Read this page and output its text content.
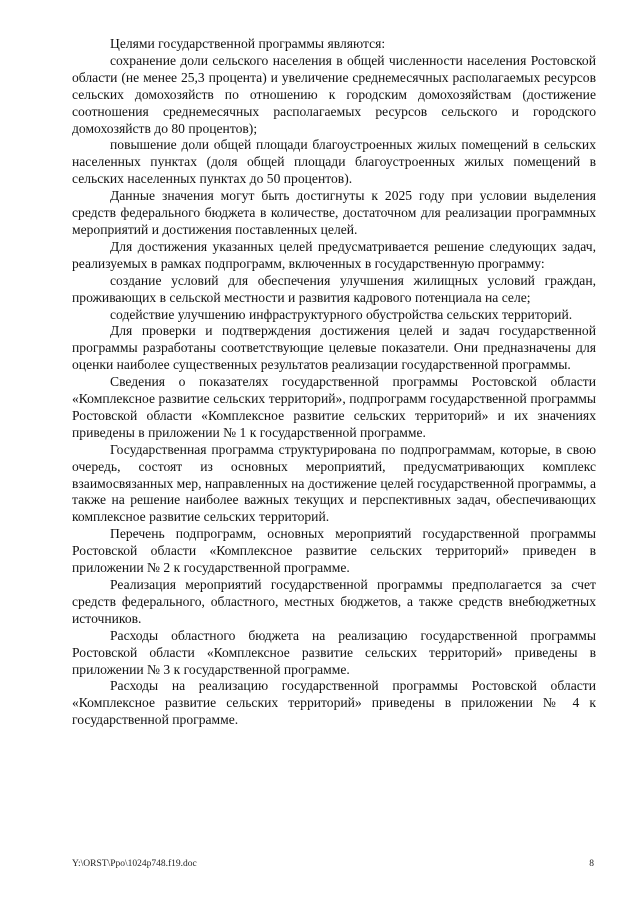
Целями государственной программы являются:

сохранение доли сельского населения в общей численности населения Ростовской области (не менее 25,3 процента) и увеличение среднемесячных располагаемых ресурсов сельских домохозяйств по отношению к городским домохозяйствам (достижение соотношения среднемесячных располагаемых ресурсов сельского и городского домохозяйств до 80 процентов);

повышение доли общей площади благоустроенных жилых помещений в сельских населенных пунктах (доля общей площади благоустроенных жилых помещений в сельских населенных пунктах до 50 процентов).

Данные значения могут быть достигнуты к 2025 году при условии выделения средств федерального бюджета в количестве, достаточном для реализации программных мероприятий и достижения поставленных целей.

Для достижения указанных целей предусматривается решение следующих задач, реализуемых в рамках подпрограмм, включенных в государственную программу:

создание условий для обеспечения улучшения жилищных условий граждан, проживающих в сельской местности и развития кадрового потенциала на селе;

содействие улучшению инфраструктурного обустройства сельских территорий.

Для проверки и подтверждения достижения целей и задач государственной программы разработаны соответствующие целевые показатели. Они предназначены для оценки наиболее существенных результатов реализации государственной программы.

Сведения о показателях государственной программы Ростовской области «Комплексное развитие сельских территорий», подпрограмм государственной программы Ростовской области «Комплексное развитие сельских территорий» и их значениях приведены в приложении № 1 к государственной программе.

Государственная программа структурирована по подпрограммам, которые, в свою очередь, состоят из основных мероприятий, предусматривающих комплекс взаимосвязанных мер, направленных на достижение целей государственной программы, а также на решение наиболее важных текущих и перспективных задач, обеспечивающих комплексное развитие сельских территорий.

Перечень подпрограмм, основных мероприятий государственной программы Ростовской области «Комплексное развитие сельских территорий» приведен в приложении № 2 к государственной программе.

Реализация мероприятий государственной программы предполагается за счет средств федерального, областного, местных бюджетов, а также средств внебюджетных источников.

Расходы областного бюджета на реализацию государственной программы Ростовской области «Комплексное развитие сельских территорий» приведены в приложении № 3 к государственной программе.

Расходы на реализацию государственной программы Ростовской области «Комплексное развитие сельских территорий» приведены в приложении № 4 к государственной программе.

Y:\ORST\Ppo\1024p748.f19.doc	8
